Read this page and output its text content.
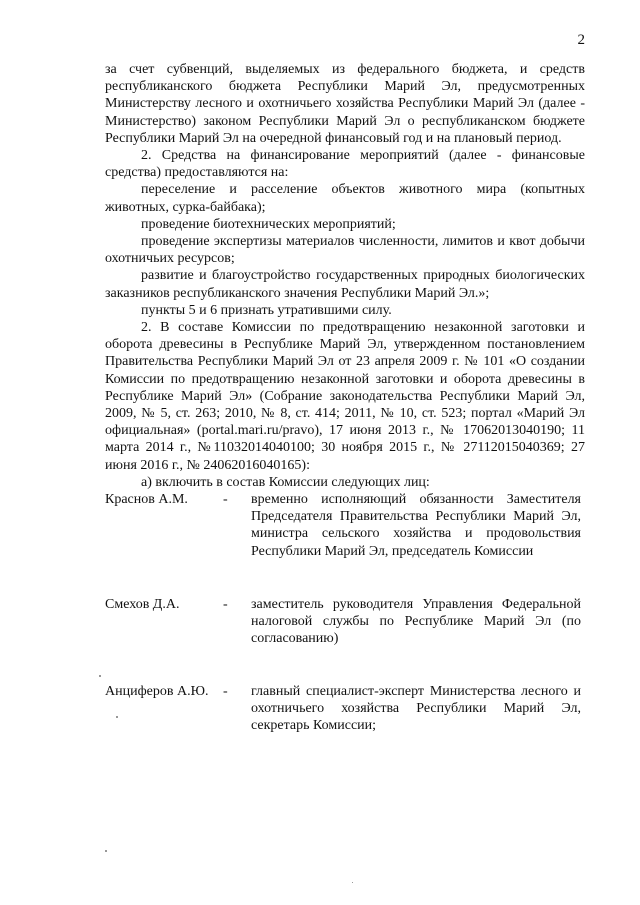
2

за счет субвенций, выделяемых из федерального бюджета, и средств республиканского бюджета Республики Марий Эл, предусмотренных Министерству лесного и охотничьего хозяйства Республики Марий Эл (далее - Министерство) законом Республики Марий Эл о республиканском бюджете Республики Марий Эл на очередной финансовый год и на плановый период.

2. Средства на финансирование мероприятий (далее - финансовые средства) предоставляются на:

переселение и расселение объектов животного мира (копытных животных, сурка-байбака);

проведение биотехнических мероприятий;

проведение экспертизы материалов численности, лимитов и квот добычи охотничьих ресурсов;

развитие и благоустройство государственных природных биологических заказников республиканского значения Республики Марий Эл.»;

пункты 5 и 6 признать утратившими силу.

2. В составе Комиссии по предотвращению незаконной заготовки и оборота древесины в Республике Марий Эл, утвержденном постановлением Правительства Республики Марий Эл от 23 апреля 2009 г. № 101 «О создании Комиссии по предотвращению незаконной заготовки и оборота древесины в Республике Марий Эл» (Собрание законодательства Республики Марий Эл, 2009, № 5, ст. 263; 2010, № 8, ст. 414; 2011, № 10, ст. 523; портал «Марий Эл официальная» (portal.mari.ru/pravo), 17 июня 2013 г., № 17062013040190; 11 марта 2014 г., №11032014040100; 30 ноября 2015 г., № 27112015040369; 27 июня 2016 г., № 24062016040165):

а) включить в состав Комиссии следующих лиц:

Краснов А.М.	-	временно исполняющий обязанности Заместителя Председателя Правительства Республики Марий Эл, министра сельского хозяйства и продовольствия Республики Марий Эл, председатель Комиссии
Смехов Д.А.	-	заместитель руководителя Управления Федеральной налоговой службы по Республике Марий Эл (по согласованию)
Анциферов А.Ю.	-	главный специалист-эксперт Министерства лесного и охотничьего хозяйства Республики Марий Эл, секретарь Комиссии;
